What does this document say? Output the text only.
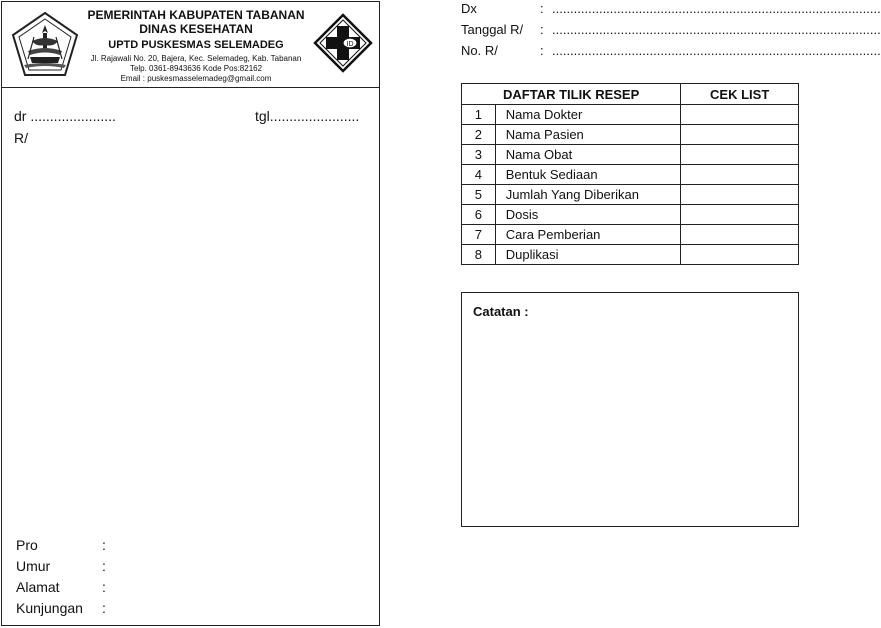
PEMERINTAH KABUPATEN TABANAN
DINAS KESEHATAN
UPTD PUSKESMAS SELEMADEG
Jl. Rajawali No. 20, Bajera, Kec. Selemadeg, Kab. Tabanan
Telp. 0361-8943636 Kode Pos:82162
Email : puskesmasselemadeg@gmail.com
ID
dr ......................	tgl.......................
R/
Pro	:
Umur	:
Alamat	:
Kunjungan :
Dx	: ...........................................................................................
Tanggal R/ : ...........................................................................................
No. R/	: ...........................................................................................
DAFTAR TILIK RESEP		CEK LIST
1	Nama Dokter	
2	Nama Pasien	
3	Nama Obat	
4	Bentuk Sediaan	
5	Jumlah Yang Diberikan	
6	Dosis	
7	Cara Pemberian	
8	Duplikasi	
Catatan :
